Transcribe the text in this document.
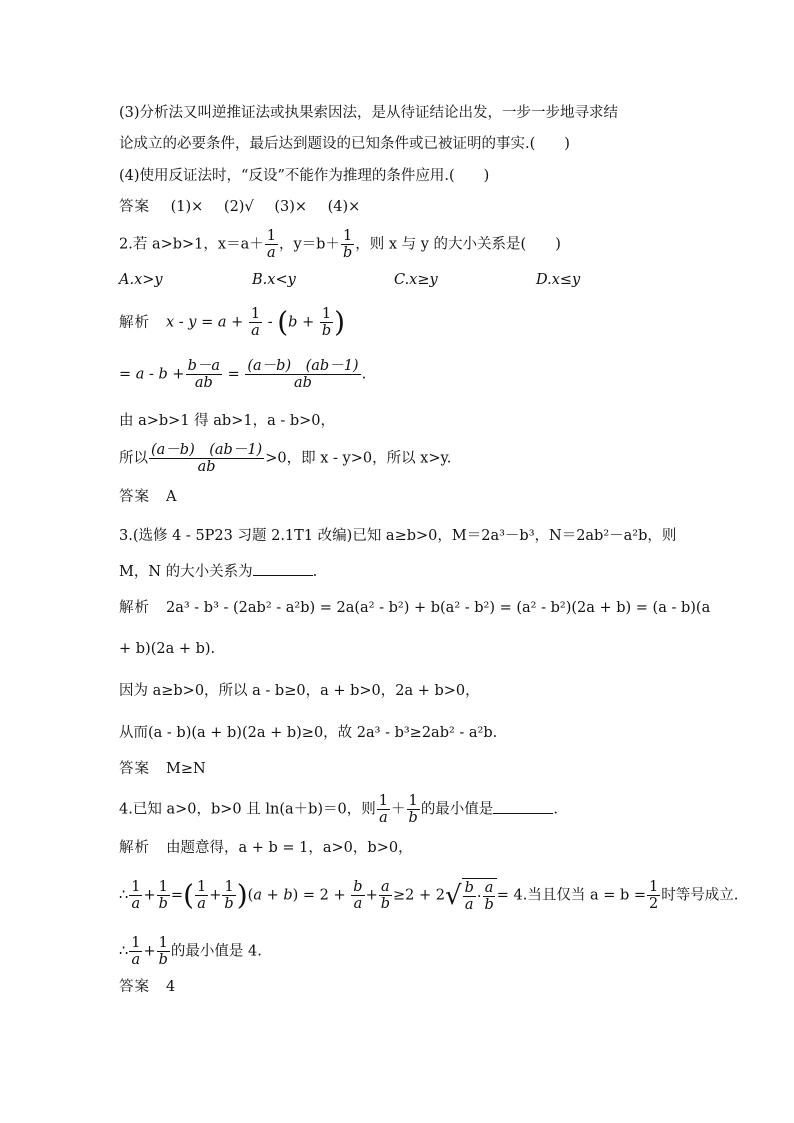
(3)分析法又叫逆推证法或执果索因法，是从待证结论出发，一步一步地寻求结
论成立的必要条件，最后达到题设的已知条件或已被证明的事实.(　　)
(4)使用反证法时，“反设”不能作为推理的条件应用.(　　)
答案 (1)× (2)√ (3)× (4)×
2.若 a>b>1，$x=a+ \frac{1}{a}$ ，$y=b+ \frac{1}{b}$ ，则 x 与 y 的大小关系是(　　)
A.x>y	B.x<y	C.x≥y	D.x≤y
解析 $x - y = a + \frac{1}{a} - (b + \frac{1}{b}$ )
= $a - b + \frac{b-a}{ab} = \frac{(a-b) (ab-1)}{ab}$ .
由 a>b>1 得 ab>1，a - b>0，
所以 $\frac{(a-b) (ab-1)}{ab} >0$，即 x - y>0，所以 x>y.
答案 A
3.(选修 4 - 5P23 习题 2.1T1 改编)已知 a≥b>0，M＝2a³－b³，N＝2ab²－a²b，则
M，N 的大小关系为	.
解析 2a³ - b³ - (2ab² - a²b) = 2a(a² - b²) + b(a² - b²) = (a² - b²)(2a + b) = (a - b)(a
+ b)(2a + b).
因为 a≥b>0，所以 a - b≥0，a + b>0，2a + b>0，
从而(a - b)(a + b)(2a + b)≥0，故 2a³ - b³≥2ab² - a²b.
答案 M≥N
4.已知 a>0，b>0 且 ln(a＋b)＝0，则 $\frac{1}{a} + \frac{1}{b}$ 的最小值是	.
解析 由题意得，a + b = 1，a>0，b>0，
∴ $\frac{1}{a} + \frac{1}{b}$ =( $\frac{1}{a} + \frac{1}{b} )(a + b) = 2 + \frac{b}{a} + \frac{a}{b} \ge 2 + 2$ √ $\frac{b}{a} \cdot \frac{a}{b} = 4$.当且仅当 $a = b = \frac{1}{2}$ 时等号成立.
∴ $\frac{1}{a} + \frac{1}{b}$ 的最小值是 4.
答案 4
